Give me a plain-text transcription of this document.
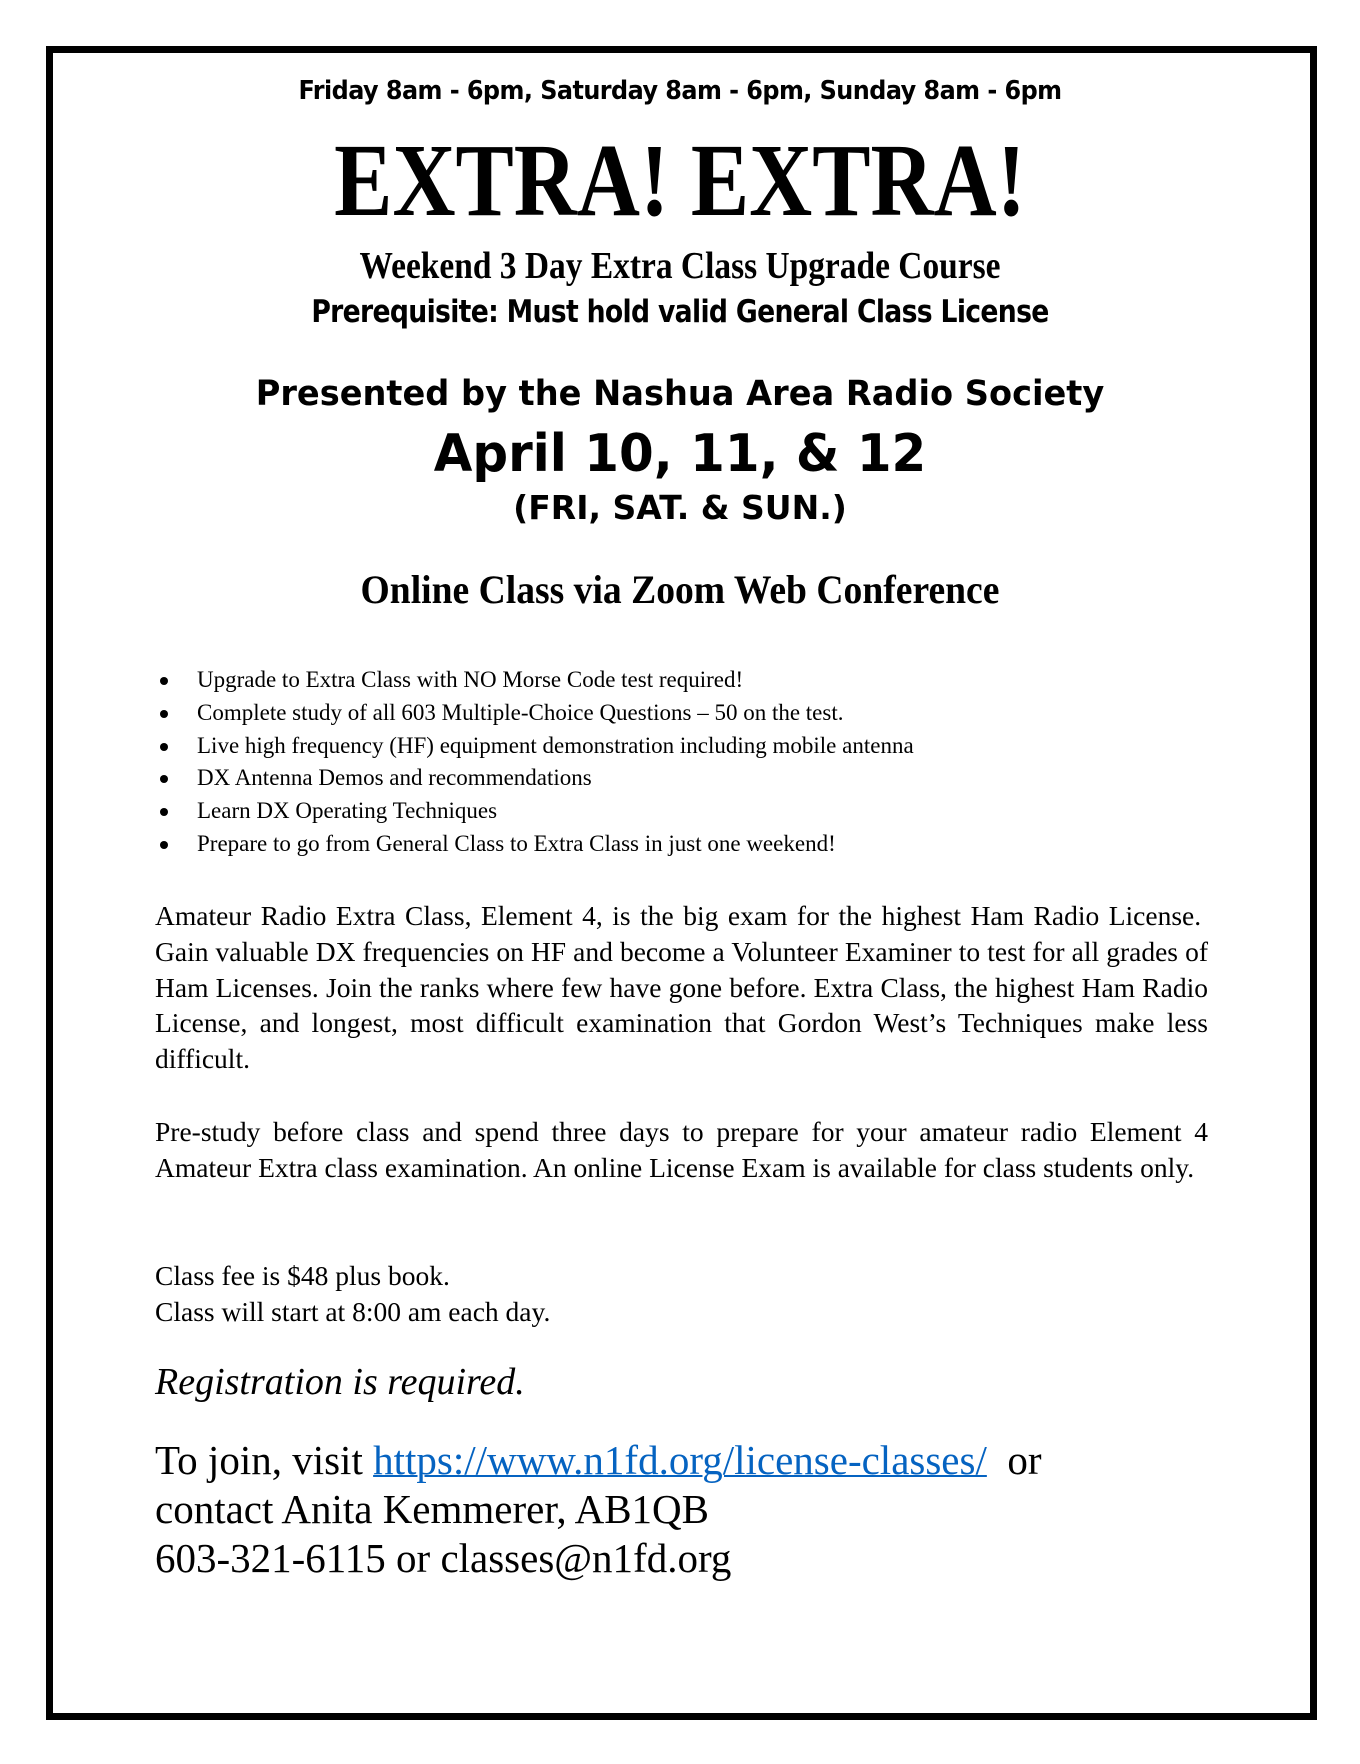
Friday 8am - 6pm, Saturday 8am - 6pm, Sunday 8am - 6pm
EXTRA! EXTRA!
Weekend 3 Day Extra Class Upgrade Course
Prerequisite: Must hold valid General Class License
Presented by the Nashua Area Radio Society
April 10, 11, & 12
(FRI, SAT. & SUN.)
Online Class via Zoom Web Conference
Upgrade to Extra Class with NO Morse Code test required!
Complete study of all 603 Multiple-Choice Questions – 50 on the test.
Live high frequency (HF) equipment demonstration including mobile antenna
DX Antenna Demos and recommendations
Learn DX Operating Techniques
Prepare to go from General Class to Extra Class in just one weekend!

Amateur Radio Extra Class, Element 4, is the big exam for the highest Ham Radio License.  Gain valuable DX frequencies on HF and become a Volunteer Examiner to test for all grades of Ham Licenses. Join the ranks where few have gone before. Extra Class, the highest Ham Radio License, and longest, most difficult examination that Gordon West’s Techniques make less difficult.

Pre-study before class and spend three days to prepare for your amateur radio Element 4 Amateur Extra class examination. An online License Exam is available for class students only.

Class fee is $48 plus book.
Class will start at 8:00 am each day.
Registration is required.
To join, visit https://www.n1fd.org/license-classes/  or
contact Anita Kemmerer, AB1QB
603-321-6115 or classes@n1fd.org
